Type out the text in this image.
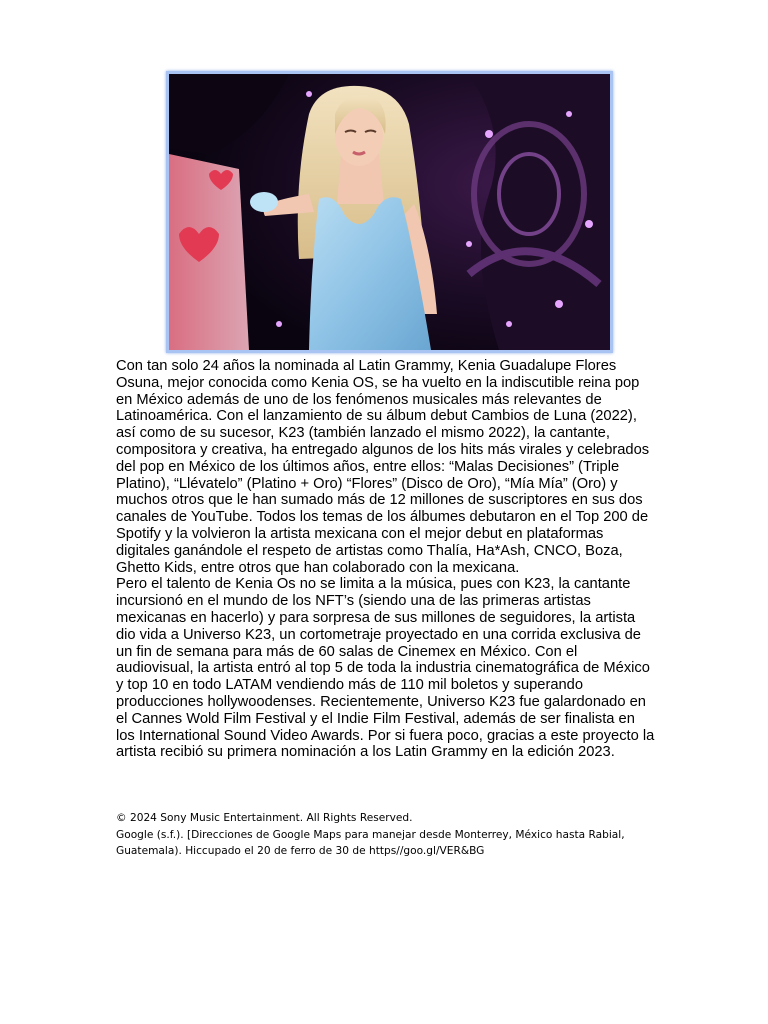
Con tan solo 24 años la nominada al Latin Grammy, Kenia Guadalupe Flores Osuna, mejor conocida como Kenia OS, se ha vuelto en la indiscutible reina pop en México además de uno de los fenómenos musicales más relevantes de Latinoamérica. Con el lanzamiento de su álbum debut Cambios de Luna (2022), así como de su sucesor, K23 (también lanzado el mismo 2022), la cantante, compositora y creativa, ha entregado algunos de los hits más virales y celebrados del pop en México de los últimos años, entre ellos: “Malas Decisiones” (Triple Platino), “Llévatelo” (Platino + Oro) “Flores” (Disco de Oro), “Mía Mía” (Oro) y muchos otros que le han sumado más de 12 millones de suscriptores en sus dos canales de YouTube. Todos los temas de los álbumes debutaron en el Top 200 de Spotify y la volvieron la artista mexicana con el mejor debut en plataformas digitales ganándole el respeto de artistas como Thalía, Ha*Ash, CNCO, Boza, Ghetto Kids, entre otros que han colaborado con la mexicana.

Pero el talento de Kenia Os no se limita a la música, pues con K23, la cantante incursionó en el mundo de los NFT’s (siendo una de las primeras artistas mexicanas en hacerlo) y para sorpresa de sus millones de seguidores, la artista dio vida a Universo K23, un cortometraje proyectado en una corrida exclusiva de un fin de semana para más de 60 salas de Cinemex en México. Con el audiovisual, la artista entró al top 5 de toda la industria cinematográfica de México y top 10 en todo LATAM vendiendo más de 110 mil boletos y superando producciones hollywoodenses. Recientemente, Universo K23 fue galardonado en el Cannes Wold Film Festival y el Indie Film Festival, además de ser finalista en los International Sound Video Awards. Por si fuera poco, gracias a este proyecto la artista recibió su primera nominación a los Latin Grammy en la edición 2023.

© 2024 Sony Music Entertainment. All Rights Reserved.

Google (s.f.). [Direcciones de Google Maps para manejar desde Monterrey, México hasta Rabial, Guatemala). Hiccupado el 20 de ferro de 30 de https//goo.gl/VER&BG
